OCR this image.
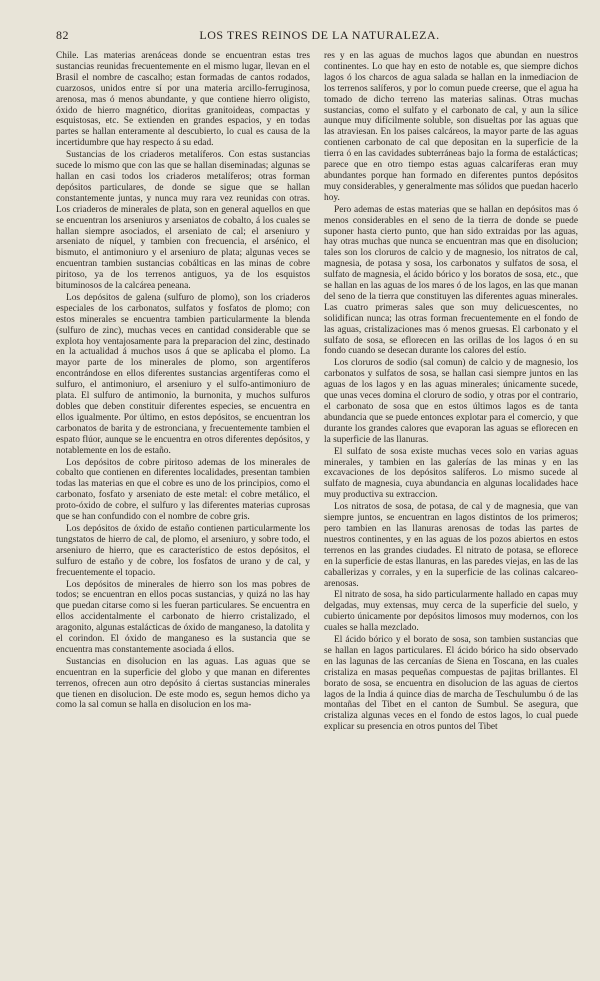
82	LOS TRES REINOS DE LA NATURALEZA.

Chile. Las materias arenáceas donde se encuentran estas tres sustancias reunidas frecuentemente en el mismo lugar, llevan en el Brasil el nombre de cascalho; estan formadas de cantos rodados, cuarzosos, unidos entre sí por una materia arcillo-ferruginosa, arenosa, mas ó menos abundante, y que contiene hierro oligisto, óxido de hierro magnético, dioritas granitoideas, compactas y esquistosas, etc. Se extienden en grandes espacios, y en todas partes se hallan enteramente al descubierto, lo cual es causa de la incertidumbre que hay respecto á su edad.

Sustancias de los criaderos metalíferos. Con estas sustancias sucede lo mismo que con las que se hallan diseminadas; algunas se hallan en casi todos los criaderos metalíferos; otras forman depósitos particulares, de donde se sigue que se hallan constantemente juntas, y nunca muy rara vez reunidas con otras. Los criaderos de minerales de plata, son en general aquellos en que se encuentran los arseniuros y arseniatos de cobalto, á los cuales se hallan siempre asociados, el arseniato de cal; el arseniuro y arseniato de níquel, y tambien con frecuencia, el arsénico, el bismuto, el antimoniuro y el arseniuro de plata; algunas veces se encuentran tambien sustancias cobálticas en las minas de cobre piritoso, ya de los terrenos antiguos, ya de los esquistos bituminosos de la calcárea peneana.

Los depósitos de galena (sulfuro de plomo), son los criaderos especiales de los carbonatos, sulfatos y fosfatos de plomo; con estos minerales se encuentra tambien particularmente la blenda (sulfuro de zinc), muchas veces en cantidad considerable que se explota hoy ventajosamente para la preparacion del zinc, destinado en la actualidad á muchos usos á que se aplicaba el plomo. La mayor parte de los minerales de plomo, son argentíferos encontrándose en ellos diferentes sustancias argentíferas como el sulfuro, el antimoniuro, el arseniuro y el sulfo-antimoniuro de plata. El sulfuro de antimonio, la burnonita, y muchos sulfuros dobles que deben constituir diferentes especies, se encuentra en ellos igualmente. Por último, en estos depósitos, se encuentran los carbonatos de barita y de estronciana, y frecuentemente tambien el espato flúor, aunque se le encuentra en otros diferentes depósitos, y notablemente en los de estaño.

Los depósitos de cobre piritoso ademas de los minerales de cobalto que contienen en diferentes localidades, presentan tambien todas las materias en que el cobre es uno de los principios, como el carbonato, fosfato y arseniato de este metal: el cobre metálico, el proto-óxido de cobre, el sulfuro y las diferentes materias cuprosas que se han confundido con el nombre de cobre gris.

Los depósitos de óxido de estaño contienen particularmente los tungstatos de hierro de cal, de plomo, el arseniuro, y sobre todo, el arseniuro de hierro, que es característico de estos depósitos, el sulfuro de estaño y de cobre, los fosfatos de urano y de cal, y frecuentemente el topacio.

Los depósitos de minerales de hierro son los mas pobres de todos; se encuentran en ellos pocas sustancias, y quizá no las hay que puedan citarse como si les fueran particulares. Se encuentra en ellos accidentalmente el carbonato de hierro cristalizado, el aragonito, algunas estalácticas de óxido de manganeso, la datolita y el corindon. El óxido de manganeso es la sustancia que se encuentra mas constantemente asociada á ellos.

Sustancias en disolucion en las aguas. Las aguas que se encuentran en la superficie del globo y que manan en diferentes terrenos, ofrecen aun otro depósito á ciertas sustancias minerales que tienen en disolucion. De este modo es, segun hemos dicho ya como la sal comun se halla en disolucion en los ma-

res y en las aguas de muchos lagos que abundan en nuestros continentes. Lo que hay en esto de notable es, que siempre dichos lagos ó los charcos de agua salada se hallan en la inmediacion de los terrenos salíferos, y por lo comun puede creerse, que el agua ha tomado de dicho terreno las materias salinas. Otras muchas sustancias, como el sulfato y el carbonato de cal, y aun la sílice aunque muy difícilmente soluble, son disueltas por las aguas que las atraviesan. En los paises calcáreos, la mayor parte de las aguas contienen carbonato de cal que depositan en la superficie de la tierra ó en las cavidades subterráneas bajo la forma de estalácticas; parece que en otro tiempo estas aguas calcaríferas eran muy abundantes porque han formado en diferentes puntos depósitos muy considerables, y generalmente mas sólidos que puedan hacerlo hoy.

Pero ademas de estas materias que se hallan en depósitos mas ó menos considerables en el seno de la tierra de donde se puede suponer hasta cierto punto, que han sido extraidas por las aguas, hay otras muchas que nunca se encuentran mas que en disolucion; tales son los cloruros de calcio y de magnesio, los nitratos de cal, magnesia, de potasa y sosa, los carbonatos y sulfatos de sosa, el sulfato de magnesia, el ácido bórico y los boratos de sosa, etc., que se hallan en las aguas de los mares ó de los lagos, en las que manan del seno de la tierra que constituyen las diferentes aguas minerales. Las cuatro primeras sales que son muy delicuescentes, no solidifican nunca; las otras forman frecuentemente en el fondo de las aguas, cristalizaciones mas ó menos gruesas. El carbonato y el sulfato de sosa, se eflorecen en las orillas de los lagos ó en su fondo cuando se desecan durante los calores del estío.

Los cloruros de sodio (sal comun) de calcio y de magnesio, los carbonatos y sulfatos de sosa, se hallan casi siempre juntos en las aguas de los lagos y en las aguas minerales; únicamente sucede, que unas veces domina el cloruro de sodio, y otras por el contrario, el carbonato de sosa que en estos últimos lagos es de tanta abundancia que se puede entonces explotar para el comercio, y que durante los grandes calores que evaporan las aguas se eflorecen en la superficie de las llanuras.

El sulfato de sosa existe muchas veces solo en varias aguas minerales, y tambien en las galerías de las minas y en las excavaciones de los depósitos salíferos. Lo mismo sucede al sulfato de magnesia, cuya abundancia en algunas localidades hace muy productiva su extraccion.

Los nitratos de sosa, de potasa, de cal y de magnesia, que van siempre juntos, se encuentran en lagos distintos de los primeros; pero tambien en las llanuras arenosas de todas las partes de nuestros continentes, y en las aguas de los pozos abiertos en estos terrenos en las grandes ciudades. El nitrato de potasa, se eflorece en la superficie de estas llanuras, en las paredes viejas, en las de las caballerizas y corrales, y en la superficie de las colinas calcareo-arenosas.

El nitrato de sosa, ha sido particularmente hallado en capas muy delgadas, muy extensas, muy cerca de la superficie del suelo, y cubierto únicamente por depósitos limosos muy modernos, con los cuales se halla mezclado.

El ácido bórico y el borato de sosa, son tambien sustancias que se hallan en lagos particulares. El ácido bórico ha sido observado en las lagunas de las cercanías de Siena en Toscana, en las cuales cristaliza en masas pequeñas compuestas de pajitas brillantes. El borato de sosa, se encuentra en disolucion de las aguas de ciertos lagos de la India á quince dias de marcha de Teschulumbu ó de las montañas del Tibet en el canton de Sumbul. Se asegura, que cristaliza algunas veces en el fondo de estos lagos, lo cual puede explicar su presencia en otros puntos del Tibet
